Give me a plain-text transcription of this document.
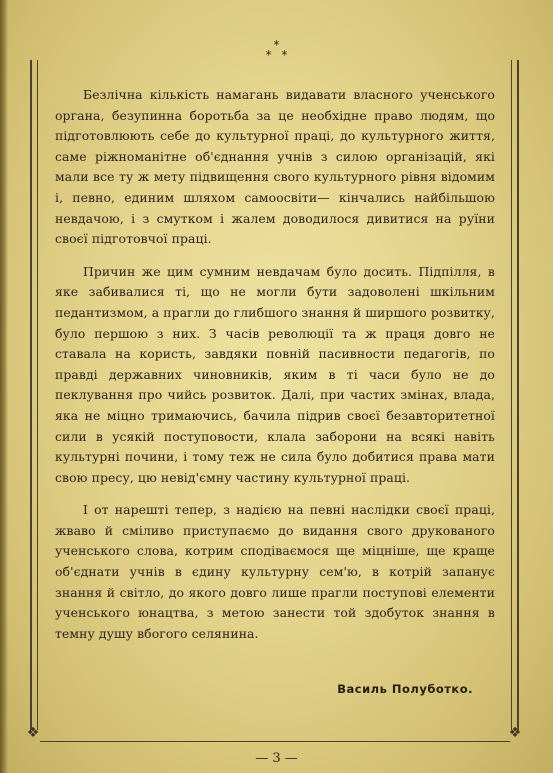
❖	❖
*
* *

Безлічна кількість намагань видавати власного ученського органа, безупинна боротьба за це необхідне право людям, що підготовлюють себе до культурної праці, до культурного життя, саме ріжноманітне об'єднання учнів з силою організацій, які мали все ту ж мету підвищення свого культурного рівня відомим і, певно, единим шляхом самоосвіти— кінчались найбільшою невдачою, і з смутком і жалем доводилося дивитися на руїни своєї підготовчої праці.

Причин же цим сумним невдачам було досить. Підпілля, в яке забивалися ті, що не могли бути задоволені шкільним педантизмом, а прагли до глибшого знання й ширшого розвитку, було першою з них. З часів революції та ж праця довго не ставала на користь, завдяки повній пасивности педагогів, по правді державних чиновників, яким в ті часи було не до пеклування про чийсь розвиток. Далі, при частих змінах, влада, яка не міцно тримаючись, бачила підрив своєї безавторитетної сили в усякій поступовости, клала заборони на всякі навіть культурні почини, і тому теж не сила було добитися права мати свою пресу, цю невід'ємну частину культурної праці.

І от нарешті тепер, з надією на певні наслідки своєї праці, жваво й сміливо приступаємо до видання свого друкованого ученського слова, котрим сподіваємося ще міцніше, ще краще об'єднати учнів в єдину культурну сем'ю, в котрій запанує знання й світло, до якого довго лише прагли поступові елементи ученського юнацтва, з метою занести той здобуток знання в темну душу вбогого селянина.

Василь Полуботко.
— 3 —
